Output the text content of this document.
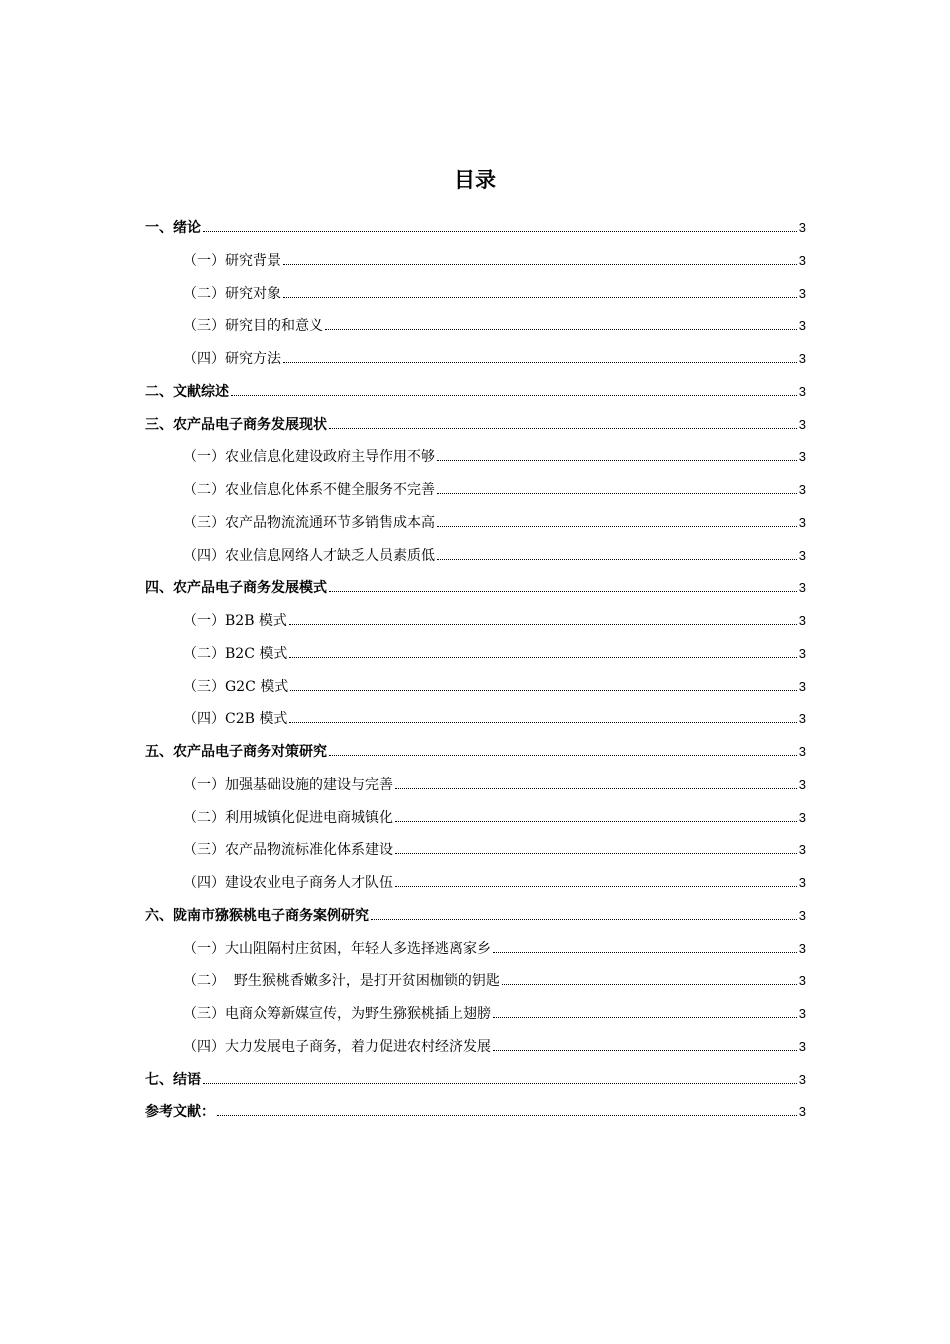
目录
一、绪论	3
（一）研究背景	3
（二）研究对象	3
（三）研究目的和意义	3
（四）研究方法	3
二、文献综述	3
三、农产品电子商务发展现状	3
（一）农业信息化建设政府主导作用不够	3
（二）农业信息化体系不健全服务不完善	3
（三）农产品物流流通环节多销售成本高	3
（四）农业信息网络人才缺乏人员素质低	3
四、农产品电子商务发展模式	3
（一）B2B 模式	3
（二）B2C 模式	3
（三）G2C 模式	3
（四）C2B 模式	3
五、农产品电子商务对策研究	3
（一）加强基础设施的建设与完善	3
（二）利用城镇化促进电商城镇化	3
（三）农产品物流标准化体系建设	3
（四）建设农业电子商务人才队伍	3
六、陇南市猕猴桃电子商务案例研究	3
（一）大山阻隔村庄贫困，年轻人多选择逃离家乡	3
（二）  野生猴桃香嫩多汁，是打开贫困枷锁的钥匙	3
（三）电商众筹新媒宣传，为野生猕猴桃插上翅膀	3
（四）大力发展电子商务，着力促进农村经济发展	3
七、结语	3
参考文献：	3
